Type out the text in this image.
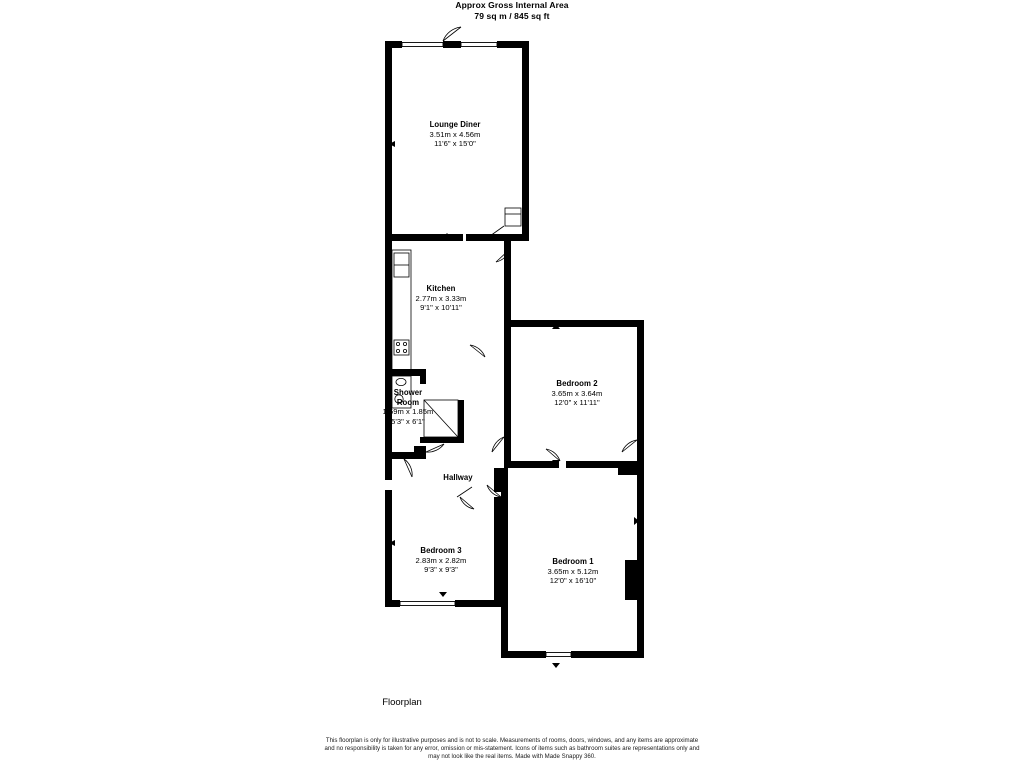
Approx Gross Internal Area
79 sq m / 845 sq ft
Lounge Diner
3.51m x 4.56m
11'6" x 15'0"
Kitchen
2.77m x 3.33m
9'1" x 10'11"
Shower
Room
1.59m x 1.85m
5'3" x 6'1"
Bedroom 2
3.65m x 3.64m
12'0" x 11'11"
Hallway
Bedroom 3
2.83m x 2.82m
9'3" x 9'3"
Bedroom 1
3.65m x 5.12m
12'0" x 16'10"
Floorplan
This floorplan is only for illustrative purposes and is not to scale. Measurements of rooms, doors, windows, and any items are approximate
and no responsibility is taken for any error, omission or mis-statement. Icons of items such as bathroom suites are representations only and
may not look like the real items. Made with Made Snappy 360.
